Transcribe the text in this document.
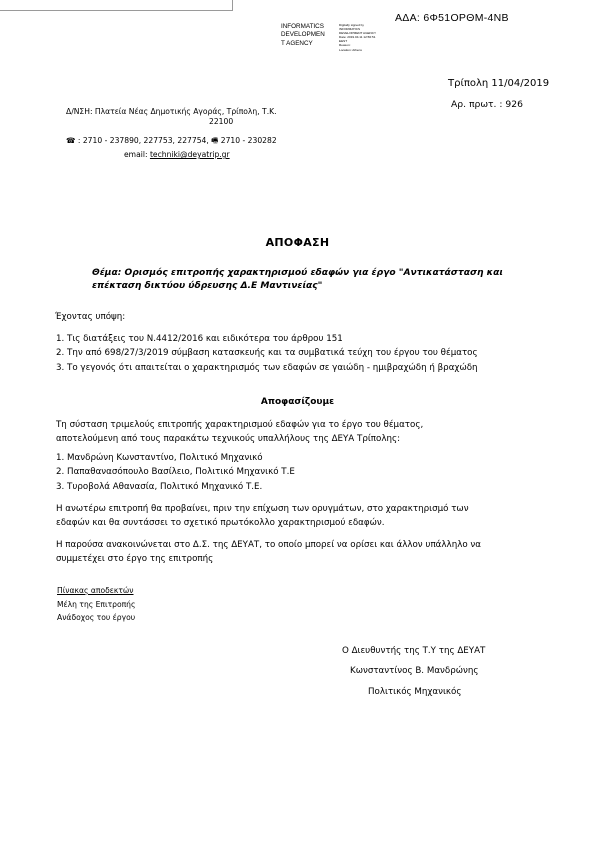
ΑΔΑ: 6Φ51ΟΡΘΜ-4ΝΒ
INFORMATICS
DEVELOPMEN
T AGENCY
Digitally signed by
INFORMATICS
DEVELOPMENT AGENCY
Date: 2019.04.11 12:56:51
EEST
Reason:
Location: Athens
Τρίπολη 11/04/2019
Αρ. πρωτ. : 926
Δ/ΝΣΗ: Πλατεία Νέας Δημοτικής Αγοράς, Τρίπολη, Τ.Κ.
22100
☎ : 2710 - 237890, 227753, 227754, 🖷 2710 - 230282
email: techniki@deyatrip.gr
ΑΠΟΦΑΣΗ
Θέμα: Ορισμός επιτροπής χαρακτηρισμού εδαφών για έργο "Αντικατάσταση και
επέκταση δικτύου ύδρευσης Δ.Ε Μαντινείας"
Έχοντας υπόψη:
1. Τις διατάξεις του Ν.4412/2016 και ειδικότερα του άρθρου 151
2. Την από 698/27/3/2019 σύμβαση κατασκευής και τα συμβατικά τεύχη του έργου του θέματος
3. Το γεγονός ότι απαιτείται ο χαρακτηρισμός των εδαφών σε γαιώδη - ημιβραχώδη ή βραχώδη
Αποφασίζουμε
Τη σύσταση τριμελούς επιτροπής χαρακτηρισμού εδαφών για το έργο του θέματος,
αποτελούμενη από τους παρακάτω τεχνικούς υπαλλήλους της ΔΕΥΑ Τρίπολης:
1. Μανδρώνη Κωνσταντίνο, Πολιτικό Μηχανικό
2. Παπαθανασόπουλο Βασίλειο, Πολιτικό Μηχανικό Τ.Ε
3. Τυροβολά Αθανασία, Πολιτικό Μηχανικό Τ.Ε.
Η ανωτέρω επιτροπή θα προβαίνει, πριν την επίχωση των ορυγμάτων, στο χαρακτηρισμό των
εδαφών και θα συντάσσει το σχετικό πρωτόκολλο χαρακτηρισμού εδαφών.
Η παρούσα ανακοινώνεται στο Δ.Σ. της ΔΕΥΑΤ, το οποίο μπορεί να ορίσει και άλλον υπάλληλο να
συμμετέχει στο έργο της επιτροπής
Πίνακας αποδεκτών
Μέλη της Επιτροπής
Ανάδοχος του έργου
Ο Διευθυντής της Τ.Υ της ΔΕΥΑΤ
Κωνσταντίνος Β. Μανδρώνης
Πολιτικός Μηχανικός
